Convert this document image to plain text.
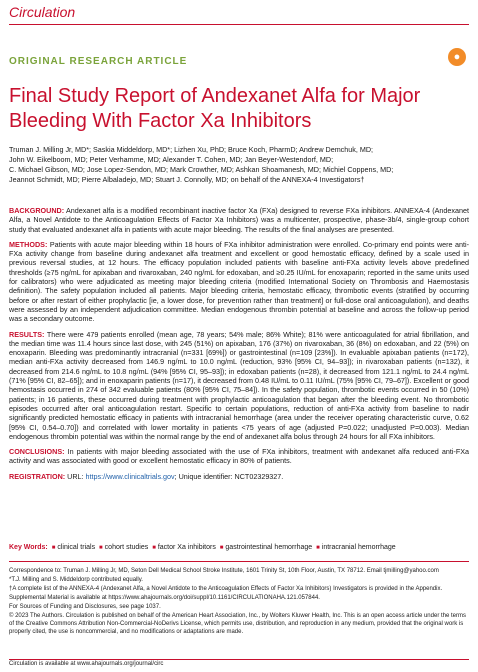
Circulation
●
ORIGINAL RESEARCH ARTICLE
Final Study Report of Andexanet Alfa for Major Bleeding With Factor Xa Inhibitors
Truman J. Milling Jr, MD*; Saskia Middeldorp, MD*; Lizhen Xu, PhD; Bruce Koch, PharmD; Andrew Demchuk, MD;
John W. Eikelboom, MD; Peter Verhamme, MD; Alexander T. Cohen, MD; Jan Beyer-Westendorf, MD;
C. Michael Gibson, MD; Jose Lopez-Sendon, MD; Mark Crowther, MD; Ashkan Shoamanesh, MD; Michiel Coppens, MD;
Jeannot Schmidt, MD; Pierre Albaladejo, MD; Stuart J. Connolly, MD; on behalf of the ANNEXA-4 Investigators†

BACKGROUND: Andexanet alfa is a modified recombinant inactive factor Xa (FXa) designed to reverse FXa inhibitors. ANNEXA-4 (Andexanet Alfa, a Novel Antidote to the Anticoagulation Effects of Factor Xa Inhibitors) was a multicenter, prospective, phase-3b/4, single-group cohort study that evaluated andexanet alfa in patients with acute major bleeding. The results of the final analyses are presented.

METHODS: Patients with acute major bleeding within 18 hours of FXa inhibitor administration were enrolled. Co-primary end points were anti-FXa activity change from baseline during andexanet alfa treatment and excellent or good hemostatic efficacy, defined by a scale used in previous reversal studies, at 12 hours. The efficacy population included patients with baseline anti-FXa activity levels above predefined thresholds (≥75 ng/mL for apixaban and rivaroxaban, 240 ng/mL for edoxaban, and ≥0.25 IU/mL for enoxaparin; reported in the same units used for calibrators) who were adjudicated as meeting major bleeding criteria (modified International Society on Thrombosis and Haemostasis definition). The safety population included all patients. Major bleeding criteria, hemostatic efficacy, thrombotic events (stratified by occurring before or after restart of either prophylactic [ie, a lower dose, for prevention rather than treatment] or full-dose oral anticoagulation), and deaths were assessed by an independent adjudication committee. Median endogenous thrombin potential at baseline and across the follow-up period was a secondary outcome.

RESULTS: There were 479 patients enrolled (mean age, 78 years; 54% male; 86% White); 81% were anticoagulated for atrial fibrillation, and the median time was 11.4 hours since last dose, with 245 (51%) on apixaban, 176 (37%) on rivaroxaban, 36 (8%) on edoxaban, and 22 (5%) on enoxaparin. Bleeding was predominantly intracranial (n=331 [69%]) or gastrointestinal (n=109 [23%]). In evaluable apixaban patients (n=172), median anti-FXa activity decreased from 146.9 ng/mL to 10.0 ng/mL (reduction, 93% [95% CI, 94–93]); in rivaroxaban patients (n=132), it decreased from 214.6 ng/mL to 10.8 ng/mL (94% [95% CI, 95–93]); in edoxaban patients (n=28), it decreased from 121.1 ng/mL to 24.4 ng/mL (71% [95% CI, 82–65]); and in enoxaparin patients (n=17), it decreased from 0.48 IU/mL to 0.11 IU/mL (75% [95% CI, 79–67]). Excellent or good hemostasis occurred in 274 of 342 evaluable patients (80% [95% CI, 75–84]). In the safety population, thrombotic events occurred in 50 (10%) patients; in 16 patients, these occurred during treatment with prophylactic anticoagulation that began after the bleeding event. No thrombotic episodes occurred after oral anticoagulation restart. Specific to certain populations, reduction of anti-FXa activity from baseline to nadir significantly predicted hemostatic efficacy in patients with intracranial hemorrhage (area under the receiver operating characteristic curve, 0.62 [95% CI, 0.54–0.70]) and correlated with lower mortality in patients <75 years of age (adjusted P=0.022; unadjusted P=0.003). Median endogenous thrombin potential was within the normal range by the end of andexanet alfa bolus through 24 hours for all FXa inhibitors.

CONCLUSIONS: In patients with major bleeding associated with the use of FXa inhibitors, treatment with andexanet alfa reduced anti-FXa activity and was associated with good or excellent hemostatic efficacy in 80% of patients.

REGISTRATION: URL: https://www.clinicaltrials.gov; Unique identifier: NCT02329327.

Key Words: ■ clinical trials ■ cohort studies ■ factor Xa inhibitors ■ gastrointestinal hemorrhage ■ intracranial hemorrhage

Correspondence to: Truman J. Milling Jr, MD, Seton Dell Medical School Stroke Institute, 1601 Trinity St, 10th Floor, Austin, TX 78712. Email tjmilling@yahoo.com

*T.J. Milling and S. Middeldorp contributed equally.

†A complete list of the ANNEXA-4 (Andexanet Alfa, a Novel Antidote to the Anticoagulation Effects of Factor Xa Inhibitors) Investigators is provided in the Appendix.

Supplemental Material is available at https://www.ahajournals.org/doi/suppl/10.1161/CIRCULATIONAHA.121.057844.

For Sources of Funding and Disclosures, see page 1037.

© 2023 The Authors. Circulation is published on behalf of the American Heart Association, Inc., by Wolters Kluwer Health, Inc. This is an open access article under the terms of the Creative Commons Attribution Non-Commercial-NoDerivs License, which permits use, distribution, and reproduction in any medium, provided that the original work is properly cited, the use is noncommercial, and no modifications or adaptations are made.

Circulation is available at www.ahajournals.org/journal/circ
